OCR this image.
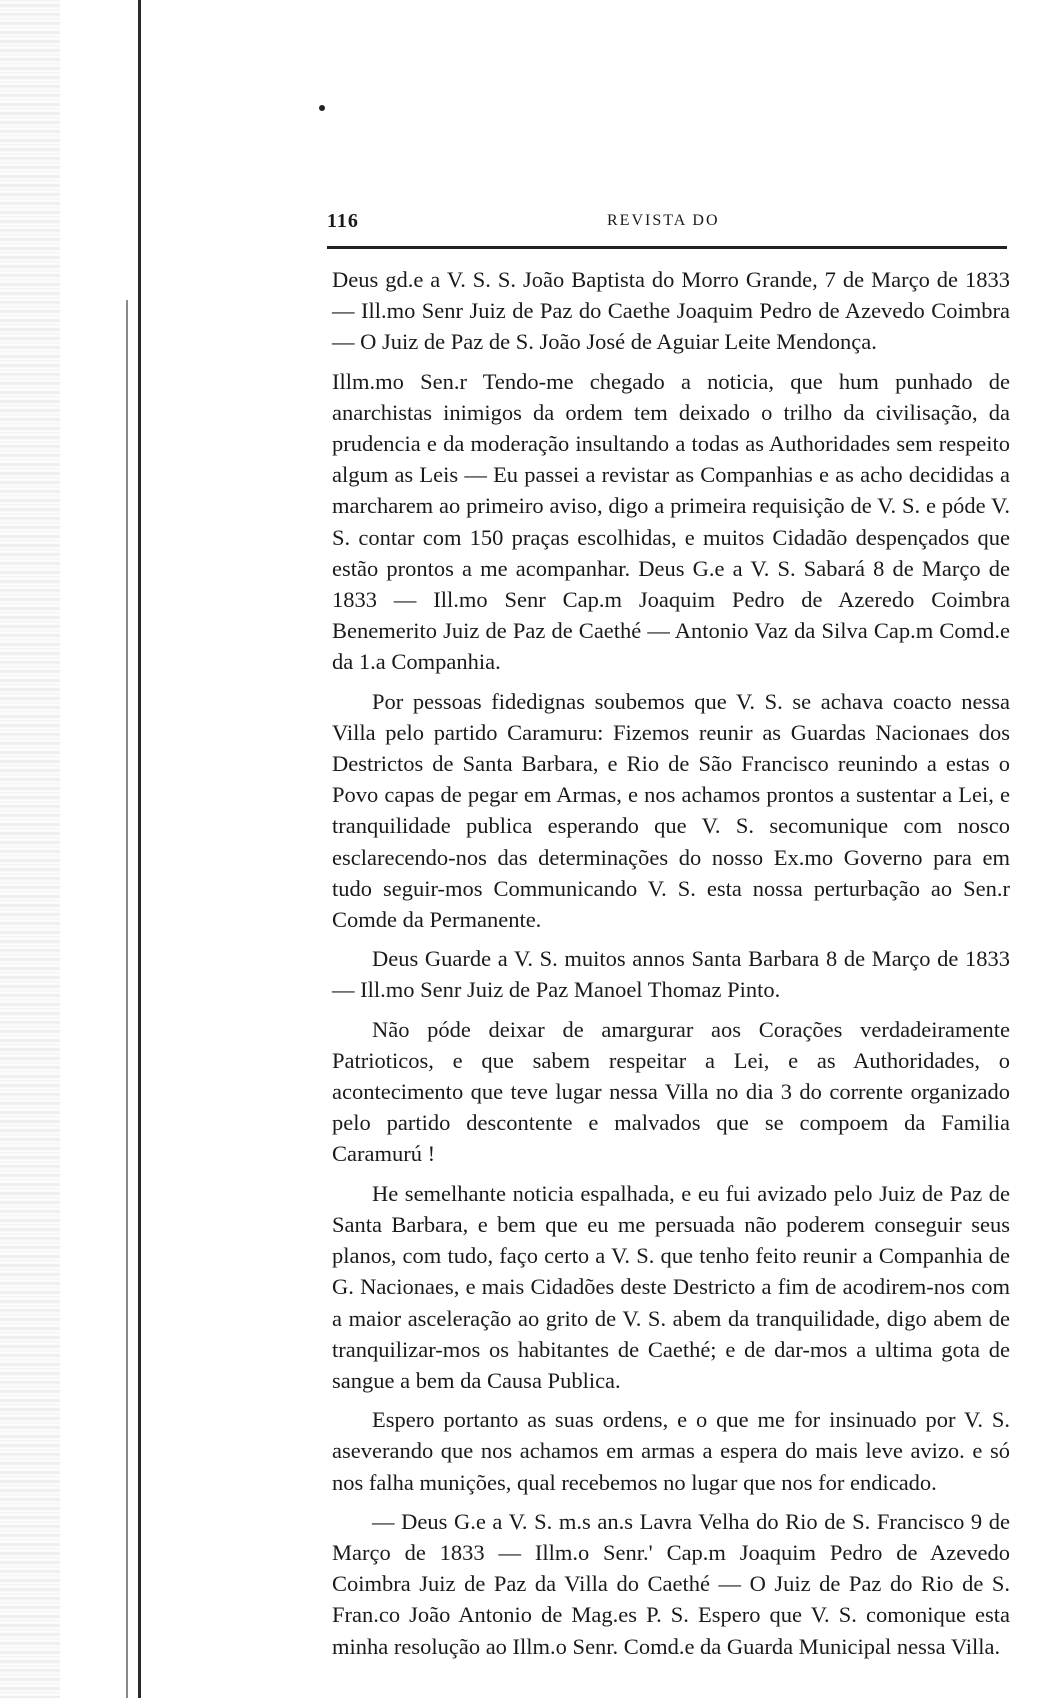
116	REVISTA DO

Deus gd.e a V. S. S. João Baptista do Morro Grande, 7 de Março de 1833 — Ill.mo Senr Juiz de Paz do Caethe Joaquim Pedro de Azevedo Coimbra — O Juiz de Paz de S. João José de Aguiar Leite Mendonça.

Illm.mo Sen.r Tendo-me chegado a noticia, que hum punhado de anarchistas inimigos da ordem tem deixado o trilho da civilisação, da prudencia e da moderação insultando a todas as Authoridades sem respeito algum as Leis — Eu passei a revistar as Companhias e as acho decididas a marcharem ao primeiro aviso, digo a primeira requisição de V. S. e póde V. S. contar com 150 praças escolhidas, e muitos Cidadão despençados que estão prontos a me acompanhar. Deus G.e a V. S. Sabará 8 de Março de 1833 — Ill.mo Senr Cap.m Joaquim Pedro de Azeredo Coimbra Benemerito Juiz de Paz de Caethé — Antonio Vaz da Silva Cap.m Comd.e da 1.a Companhia.

Por pessoas fidedignas soubemos que V. S. se achava coacto nessa Villa pelo partido Caramuru: Fizemos reunir as Guardas Nacionaes dos Destrictos de Santa Barbara, e Rio de São Francisco reunindo a estas o Povo capas de pegar em Armas, e nos achamos prontos a sustentar a Lei, e tranquilidade publica esperando que V. S. secomunique com nosco esclarecendo-nos das determinações do nosso Ex.mo Governo para em tudo seguir-mos Communicando V. S. esta nossa perturbação ao Sen.r Comde da Permanente.

Deus Guarde a V. S. muitos annos Santa Barbara 8 de Março de 1833 — Ill.mo Senr Juiz de Paz Manoel Thomaz Pinto.

Não póde deixar de amargurar aos Corações verdadeiramente Patrioticos, e que sabem respeitar a Lei, e as Authoridades, o acontecimento que teve lugar nessa Villa no dia 3 do corrente organizado pelo partido descontente e malvados que se compoem da Familia Caramurú !

He semelhante noticia espalhada, e eu fui avizado pelo Juiz de Paz de Santa Barbara, e bem que eu me persuada não poderem conseguir seus planos, com tudo, faço certo a V. S. que tenho feito reunir a Companhia de G. Nacionaes, e mais Cidadões deste Destricto a fim de acodirem-nos com a maior asceleração ao grito de V. S. abem da tranquilidade, digo abem de tranquilizar-mos os habitantes de Caethé; e de dar-mos a ultima gota de sangue a bem da Causa Publica.

Espero portanto as suas ordens, e o que me for insinuado por V. S. aseverando que nos achamos em armas a espera do mais leve avizo. e só nos falha munições, qual recebemos no lugar que nos for endicado.

— Deus G.e a V. S. m.s an.s Lavra Velha do Rio de S. Francisco 9 de Março de 1833 — Illm.o Senr.' Cap.m Joaquim Pedro de Azevedo Coimbra Juiz de Paz da Villa do Caethé — O Juiz de Paz do Rio de S. Fran.co João Antonio de Mag.es P. S. Espero que V. S. comonique esta minha resolução ao Illm.o Senr. Comd.e da Guarda Municipal nessa Villa.
